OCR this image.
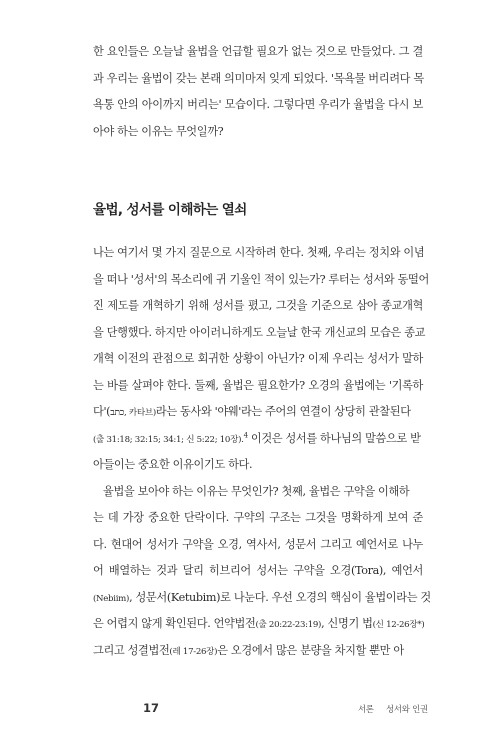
한 요인들은 오늘날 율법을 언급할 필요가 없는 것으로 만들었다. 그 결
과 우리는 율법이 갖는 본래 의미마저 잊게 되었다. '목욕물 버리려다 목
욕통 안의 아이까지 버리는' 모습이다. 그렇다면 우리가 율법을 다시 보
아야 하는 이유는 무엇일까?
율법, 성서를 이해하는 열쇠
나는 여기서 몇 가지 질문으로 시작하려 한다. 첫째, 우리는 정치와 이념
을 떠나 '성서'의 목소리에 귀 기울인 적이 있는가? 루터는 성서와 동떨어
진 제도를 개혁하기 위해 성서를 폈고, 그것을 기준으로 삼아 종교개혁
을 단행했다. 하지만 아이러니하게도 오늘날 한국 개신교의 모습은 종교
개혁 이전의 관점으로 회귀한 상황이 아닌가? 이제 우리는 성서가 말하
는 바를 살펴야 한다. 둘째, 율법은 필요한가? 오경의 율법에는 '기록하
다'(כתב, 카타브)라는 동사와 '야웨'라는 주어의 연결이 상당히 관찰된다
(출 31:18; 32:15; 34:1; 신 5:22; 10장).$^4$ 이것은 성서를 하나님의 말씀으로 받
아들이는 중요한 이유이기도 하다.
율법을 보아야 하는 이유는 무엇인가? 첫째, 율법은 구약을 이해하
는 데 가장 중요한 단락이다. 구약의 구조는 그것을 명확하게 보여 준
다. 현대어 성서가 구약을 오경, 역사서, 성문서 그리고 예언서로 나누
어 배열하는 것과 달리 히브리어 성서는 구약을 오경(Tora), 예언서
(Nebiim), 성문서(Ketubim)로 나눈다. 우선 오경의 핵심이 율법이라는 것
은 어렵지 않게 확인된다. 언약법전(출 20:22-23:19), 신명기 법(신 12-26장*)
그리고 성결법전(레 17-26장)은 오경에서 많은 분량을 차지할 뿐만 아
17	서론 성서와 인권
